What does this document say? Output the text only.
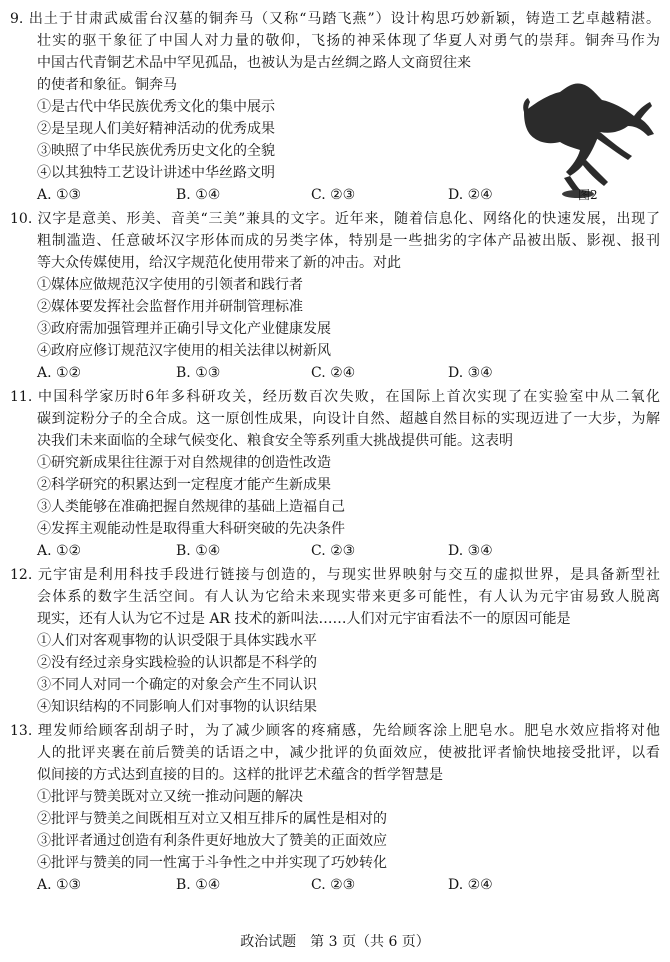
9. 出土于甘肃武威雷台汉墓的铜奔马（又称“马踏飞燕”）设计构思巧妙新颖，铸造工艺卓越精湛。
壮实的驱干象征了中国人对力量的敬仰，飞扬的神采体现了华夏人对勇气的崇拜。铜奔马作为
中国古代青铜艺术品中罕见孤品，也被认为是古丝绸之路人文商贸往来
的使者和象征。铜奔马
①是古代中华民族优秀文化的集中展示
②是呈现人们美好精神活动的优秀成果
③映照了中华民族优秀历史文化的全貌
④以其独特工艺设计讲述中华丝路文明
A. ①③	B. ①④	C. ②③	D. ②④	图2
10. 汉字是意美、形美、音美“三美”兼具的文字。近年来，随着信息化、网络化的快速发展，出现了
粗制滥造、任意破坏汉字形体而成的另类字体，特别是一些拙劣的字体产品被出版、影视、报刊
等大众传媒使用，给汉字规范化使用带来了新的冲击。对此
①媒体应做规范汉字使用的引领者和践行者
②媒体要发挥社会监督作用并研制管理标准
③政府需加强管理并正确引导文化产业健康发展
④政府应修订规范汉字使用的相关法律以树新风
A. ①②	B. ①③	C. ②④	D. ③④
11. 中国科学家历时6年多科研攻关，经历数百次失败，在国际上首次实现了在实验室中从二氧化
碳到淀粉分子的全合成。这一原创性成果，向设计自然、超越自然目标的实现迈进了一大步，为解
决我们未来面临的全球气候变化、粮食安全等系列重大挑战提供可能。这表明
①研究新成果往往源于对自然规律的创造性改造
②科学研究的积累达到一定程度才能产生新成果
③人类能够在准确把握自然规律的基础上造福自己
④发挥主观能动性是取得重大科研突破的先决条件
A. ①②	B. ①④	C. ②③	D. ③④
12. 元宇宙是利用科技手段进行链接与创造的，与现实世界映射与交互的虚拟世界，是具备新型社
会体系的数字生活空间。有人认为它给未来现实带来更多可能性，有人认为元宇宙易致人脱离
现实，还有人认为它不过是 AR 技术的新叫法……人们对元宇宙看法不一的原因可能是
①人们对客观事物的认识受限于具体实践水平
②没有经过亲身实践检验的认识都是不科学的
③不同人对同一个确定的对象会产生不同认识
④知识结构的不同影响人们对事物的认识结果
13. 理发师给顾客刮胡子时，为了减少顾客的疼痛感，先给顾客涂上肥皂水。肥皂水效应指将对他
人的批评夹裹在前后赞美的话语之中，减少批评的负面效应，使被批评者愉快地接受批评，以看
似间接的方式达到直接的目的。这样的批评艺术蕴含的哲学智慧是
①批评与赞美既对立又统一推动问题的解决
②批评与赞美之间既相互对立又相互排斥的属性是相对的
③批评者通过创造有利条件更好地放大了赞美的正面效应
④批评与赞美的同一性寓于斗争性之中并实现了巧妙转化
A. ①③	B. ①④	C. ②③	D. ②④
政治试题　第 3 页（共 6 页）
